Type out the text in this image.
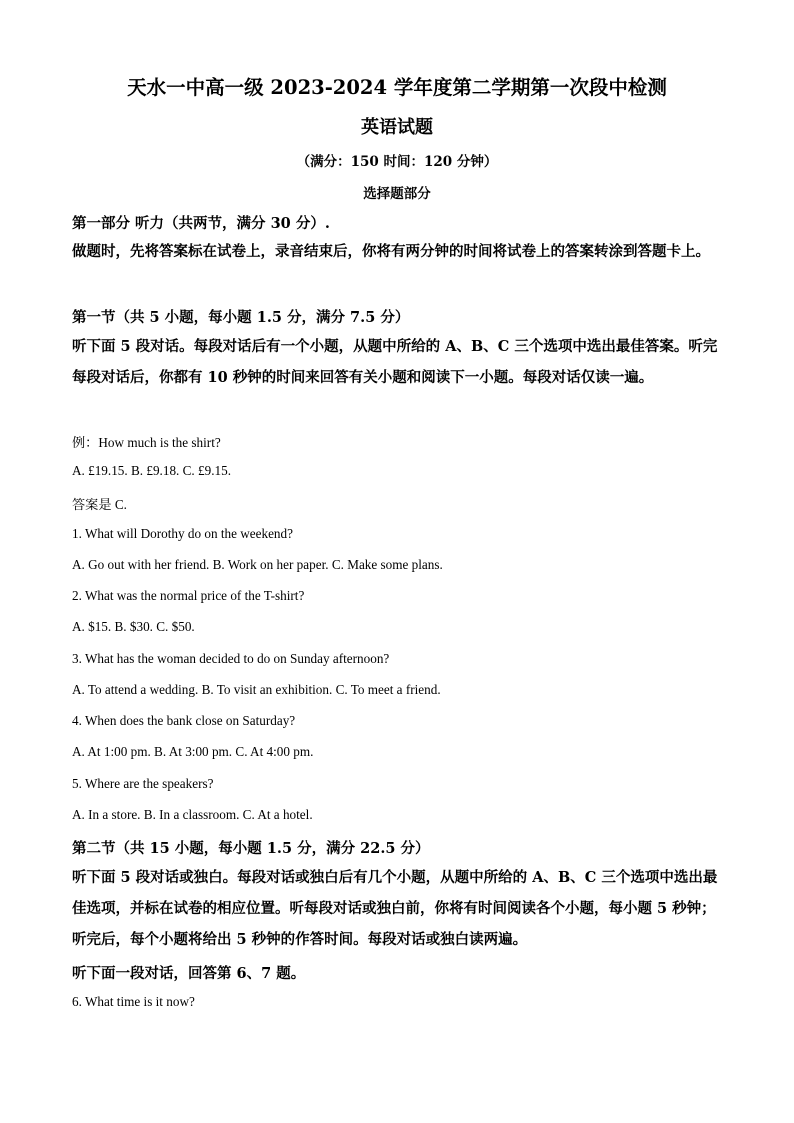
天水一中高一级 2023-2024 学年度第二学期第一次段中检测
英语试题
（满分：150 时间：120 分钟）
选择题部分
第一部分 听力（共两节，满分 30 分）.
做题时，先将答案标在试卷上，录音结束后，你将有两分钟的时间将试卷上的答案转涂到答题卡上。
第一节（共 5 小题，每小题 1.5 分，满分 7.5 分）
听下面 5 段对话。每段对话后有一个小题，从题中所给的 A、B、C 三个选项中选出最佳答案。听完每段对话后，你都有 10 秒钟的时间来回答有关小题和阅读下一小题。每段对话仅读一遍。
例：How much is the shirt?
A. £19.15. B. £9.18. C. £9.15.
答案是 C.
1. What will Dorothy do on the weekend?
A. Go out with her friend. B. Work on her paper. C. Make some plans.
2. What was the normal price of the T-shirt?
A. $15. B. $30. C. $50.
3. What has the woman decided to do on Sunday afternoon?
A. To attend a wedding. B. To visit an exhibition. C. To meet a friend.
4. When does the bank close on Saturday?
A. At 1:00 pm. B. At 3:00 pm. C. At 4:00 pm.
5. Where are the speakers?
A. In a store. B. In a classroom. C. At a hotel.
第二节（共 15 小题，每小题 1.5 分，满分 22.5 分）
听下面 5 段对话或独白。每段对话或独白后有几个小题，从题中所给的 A、B、C 三个选项中选出最佳选项，并标在试卷的相应位置。听每段对话或独白前，你将有时间阅读各个小题，每小题 5 秒钟；听完后，每个小题将给出 5 秒钟的作答时间。每段对话或独白读两遍。
听下面一段对话，回答第 6、7 题。
6. What time is it now?
